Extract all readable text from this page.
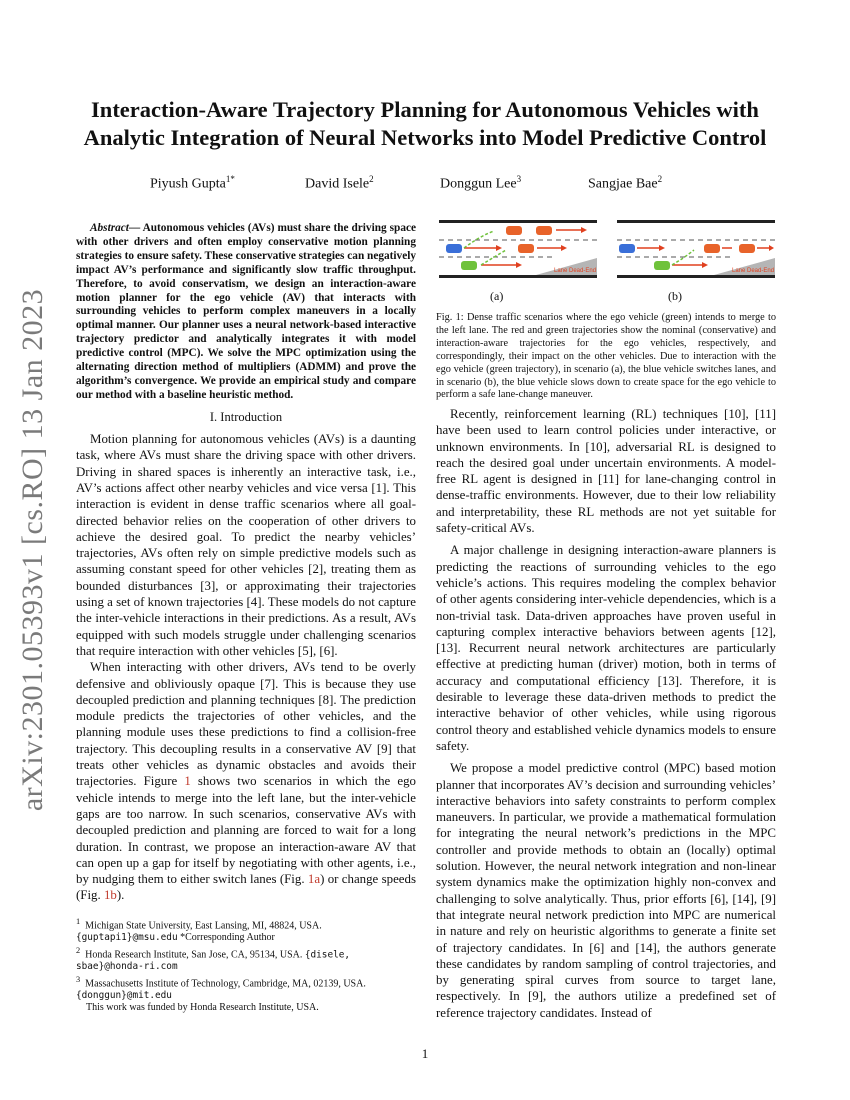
arXiv:2301.05393v1 [cs.RO] 13 Jan 2023
Interaction-Aware Trajectory Planning for Autonomous Vehicles with
Analytic Integration of Neural Networks into Model Predictive Control
Piyush Gupta$^{1*}$	David Isele$^2$	Donggun Lee$^3$	Sangjae Bae$^2$

Abstract— Autonomous vehicles (AVs) must share the driving space with other drivers and often employ conservative motion planning strategies to ensure safety. These conservative strategies can negatively impact AV’s performance and significantly slow traffic throughput. Therefore, to avoid conservatism, we design an interaction-aware motion planner for the ego vehicle (AV) that interacts with surrounding vehicles to perform complex maneuvers in a locally optimal manner. Our planner uses a neural network-based interactive trajectory predictor and analytically integrates it with model predictive control (MPC). We solve the MPC optimization using the alternating direction method of multipliers (ADMM) and prove the algorithm’s convergence. We provide an empirical study and compare our method with a baseline heuristic method.

I. Introduction

Motion planning for autonomous vehicles (AVs) is a daunting task, where AVs must share the driving space with other drivers. Driving in shared spaces is inherently an interactive task, i.e., AV’s actions affect other nearby vehicles and vice versa [1]. This interaction is evident in dense traffic scenarios where all goal-directed behavior relies on the cooperation of other drivers to achieve the desired goal. To predict the nearby vehicles’ trajectories, AVs often rely on simple predictive models such as assuming constant speed for other vehicles [2], treating them as bounded disturbances [3], or approximating their trajectories using a set of known trajectories [4]. These models do not capture the inter-vehicle interactions in their predictions. As a result, AVs equipped with such models struggle under challenging scenarios that require interaction with other vehicles [5], [6].

When interacting with other drivers, AVs tend to be overly defensive and obliviously opaque [7]. This is because they use decoupled prediction and planning techniques [8]. The prediction module predicts the trajectories of other vehicles, and the planning module uses these predictions to find a collision-free trajectory. This decoupling results in a conservative AV [9] that treats other vehicles as dynamic obstacles and avoids their trajectories. Figure 1 shows two scenarios in which the ego vehicle intends to merge into the left lane, but the inter-vehicle gaps are too narrow. In such scenarios, conservative AVs with decoupled prediction and planning are forced to wait for a long duration. In contrast, we propose an interaction-aware AV that can open up a gap for itself by negotiating with other agents, i.e., by nudging them to either switch lanes (Fig. 1a) or change speeds (Fig. 1b).

$^1$ Michigan State University, East Lansing, MI, 48824, USA.
{guptapi1}@msu.edu *Corresponding Author
$^2$ Honda Research Institute, San Jose, CA, 95134, USA. {disele,
sbae}@honda-ri.com
$^3$ Massachusetts Institute of Technology, Cambridge, MA, 02139, USA.
{donggun}@mit.edu
This work was funded by Honda Research Institute, USA.
Lane Dead-End	Lane Dead-End
(a)	(b)
Fig. 1: Dense traffic scenarios where the ego vehicle (green) intends to merge to the left lane. The red and green trajectories show the nominal (conservative) and interaction-aware trajectories for the ego vehicles, respectively, and correspondingly, their impact on the other vehicles. Due to interaction with the ego vehicle (green trajectory), in scenario (a), the blue vehicle switches lanes, and in scenario (b), the blue vehicle slows down to create space for the ego vehicle to perform a safe lane-change maneuver.

Recently, reinforcement learning (RL) techniques [10], [11] have been used to learn control policies under interactive, or unknown environments. In [10], adversarial RL is designed to reach the desired goal under uncertain environments. A model-free RL agent is designed in [11] for lane-changing control in dense-traffic environments. However, due to their low reliability and interpretability, these RL methods are not yet suitable for safety-critical AVs.

A major challenge in designing interaction-aware planners is predicting the reactions of surrounding vehicles to the ego vehicle’s actions. This requires modeling the complex behavior of other agents considering inter-vehicle dependencies, which is a non-trivial task. Data-driven approaches have proven useful in capturing complex interactive behaviors between agents [12], [13]. Recurrent neural network architectures are particularly effective at predicting human (driver) motion, both in terms of accuracy and computational efficiency [13]. Therefore, it is desirable to leverage these data-driven methods to predict the interactive behavior of other vehicles, while using rigorous control theory and established vehicle dynamics models to ensure safety.

We propose a model predictive control (MPC) based motion planner that incorporates AV’s decision and surrounding vehicles’ interactive behaviors into safety constraints to perform complex maneuvers. In particular, we provide a mathematical formulation for integrating the neural network’s predictions in the MPC controller and provide methods to obtain an (locally) optimal solution. However, the neural network integration and non-linear system dynamics make the optimization highly non-convex and challenging to solve analytically. Thus, prior efforts [6], [14], [9] that integrate neural network prediction into MPC are numerical in nature and rely on heuristic algorithms to generate a finite set of trajectory candidates. In [6] and [14], the authors generate these candidates by random sampling of control trajectories, and by generating spiral curves from source to target lane, respectively. In [9], the authors utilize a predefined set of reference trajectory candidates. Instead of

1
